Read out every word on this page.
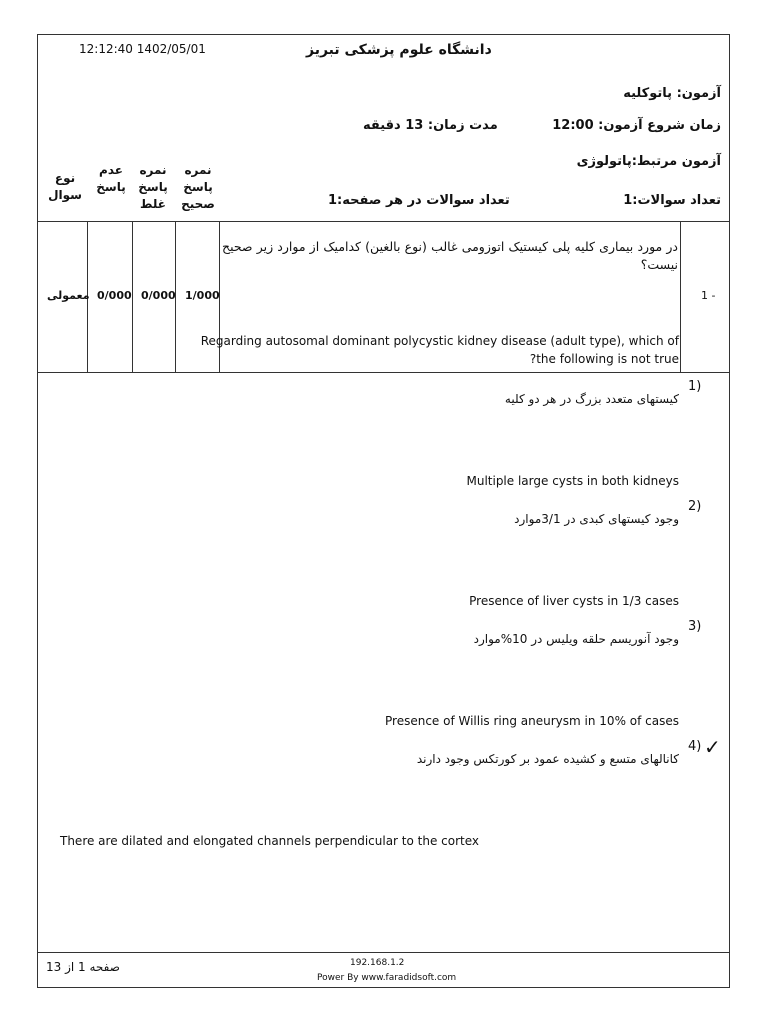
12:12:40 1402/05/01	دانشگاه علوم پزشکی تبریز
آزمون: پاتوکلیه
زمان شروع آزمون: 12:00
مدت زمان: 13 دقیقه
آزمون مرتبط:پاتولوژی
تعداد سوالات:1
تعداد سوالات در هر صفحه:1
نمره پاسخ صحیح
نمره پاسخ غلط
عدم پاسخ
نوع سوال
1 -
در مورد بیماری کلیه پلی کیستیک اتوزومی غالب (نوع بالغین) کدامیک از موارد زیر صحیح نیست؟
Regarding autosomal dominant polycystic kidney disease (adult type), which of
?the following is not true
1/000
0/000
0/000
معمولی
1)
کیستهای متعدد بزرگ در هر دو کلیه
Multiple large cysts in both kidneys
2)
وجود کیستهای کبدی در 3/1موارد
Presence of liver cysts in 1/3 cases
3)
وجود آنوریسم حلقه ویلیس در 10%موارد
Presence of Willis ring aneurysm in 10% of cases
4) ✓
کانالهای متسع و کشیده عمود بر کورتکس وجود دارند
There are dilated and elongated channels perpendicular to the cortex
صفحه 1 از 13	192.168.1.2
Power By www.faradidsoft.com
